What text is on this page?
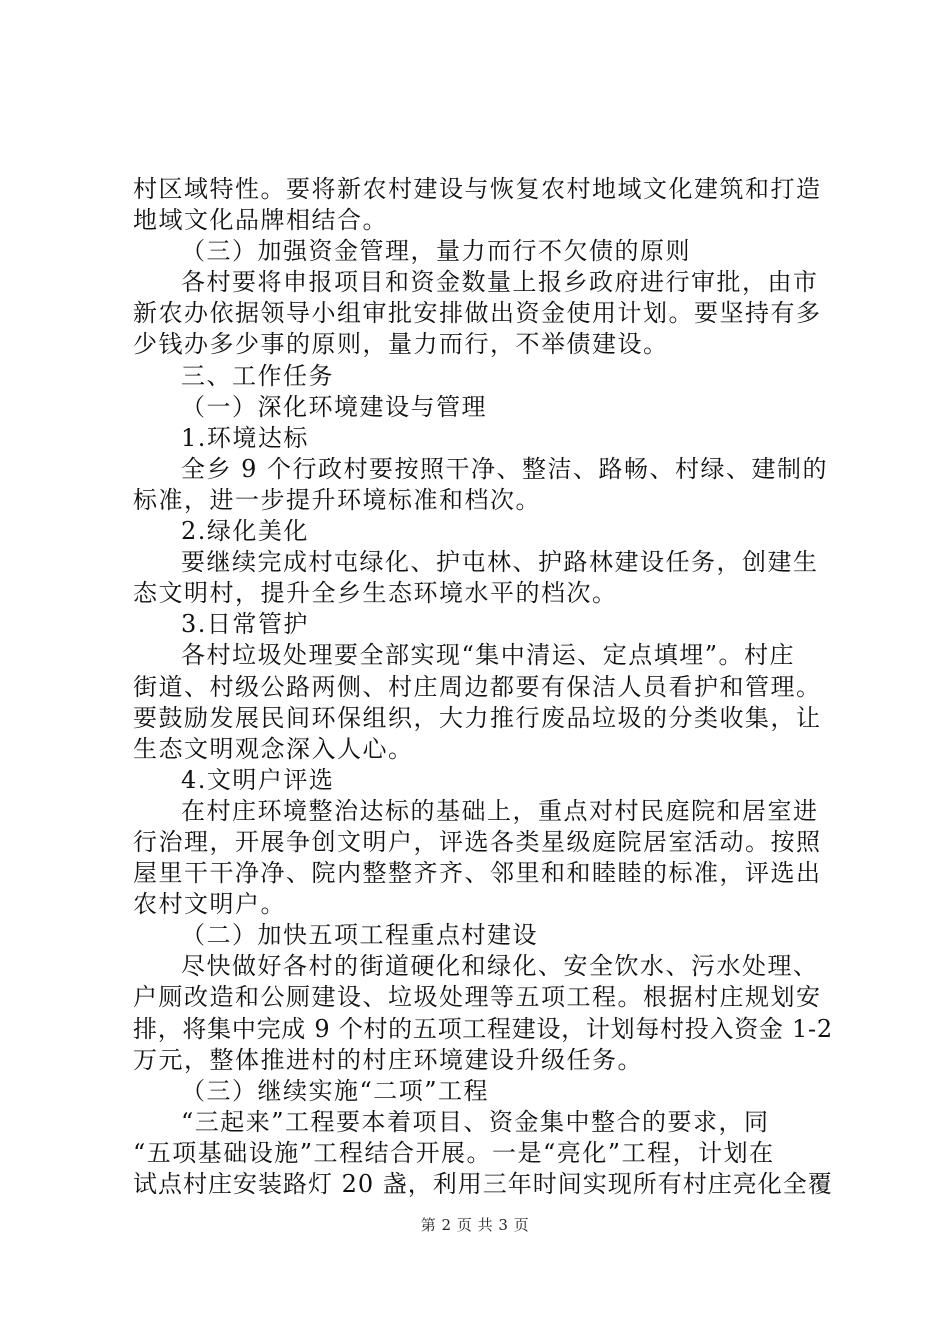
村区域特性。要将新农村建设与恢复农村地域文化建筑和打造
地域文化品牌相结合。
（三）加强资金管理，量力而行不欠债的原则
各村要将申报项目和资金数量上报乡政府进行审批，由市
新农办依据领导小组审批安排做出资金使用计划。要坚持有多
少钱办多少事的原则，量力而行，不举债建设。
三、工作任务
（一）深化环境建设与管理
1.环境达标
全乡 9 个行政村要按照干净、整洁、路畅、村绿、建制的
标准，进一步提升环境标准和档次。
2.绿化美化
要继续完成村屯绿化、护屯林、护路林建设任务，创建生
态文明村，提升全乡生态环境水平的档次。
3.日常管护
各村垃圾处理要全部实现“集中清运、定点填埋”。村庄
街道、村级公路两侧、村庄周边都要有保洁人员看护和管理。
要鼓励发展民间环保组织，大力推行废品垃圾的分类收集，让
生态文明观念深入人心。
4.文明户评选
在村庄环境整治达标的基础上，重点对村民庭院和居室进
行治理，开展争创文明户，评选各类星级庭院居室活动。按照
屋里干干净净、院内整整齐齐、邻里和和睦睦的标准，评选出
农村文明户。
（二）加快五项工程重点村建设
尽快做好各村的街道硬化和绿化、安全饮水、污水处理、
户厕改造和公厕建设、垃圾处理等五项工程。根据村庄规划安
排，将集中完成 9 个村的五项工程建设，计划每村投入资金 1-2
万元，整体推进村的村庄环境建设升级任务。
（三）继续实施“二项”工程
“三起来”工程要本着项目、资金集中整合的要求，同
“五项基础设施”工程结合开展。一是“亮化”工程，计划在
试点村庄安装路灯 20 盏，利用三年时间实现所有村庄亮化全覆
第 2 页 共 3 页
